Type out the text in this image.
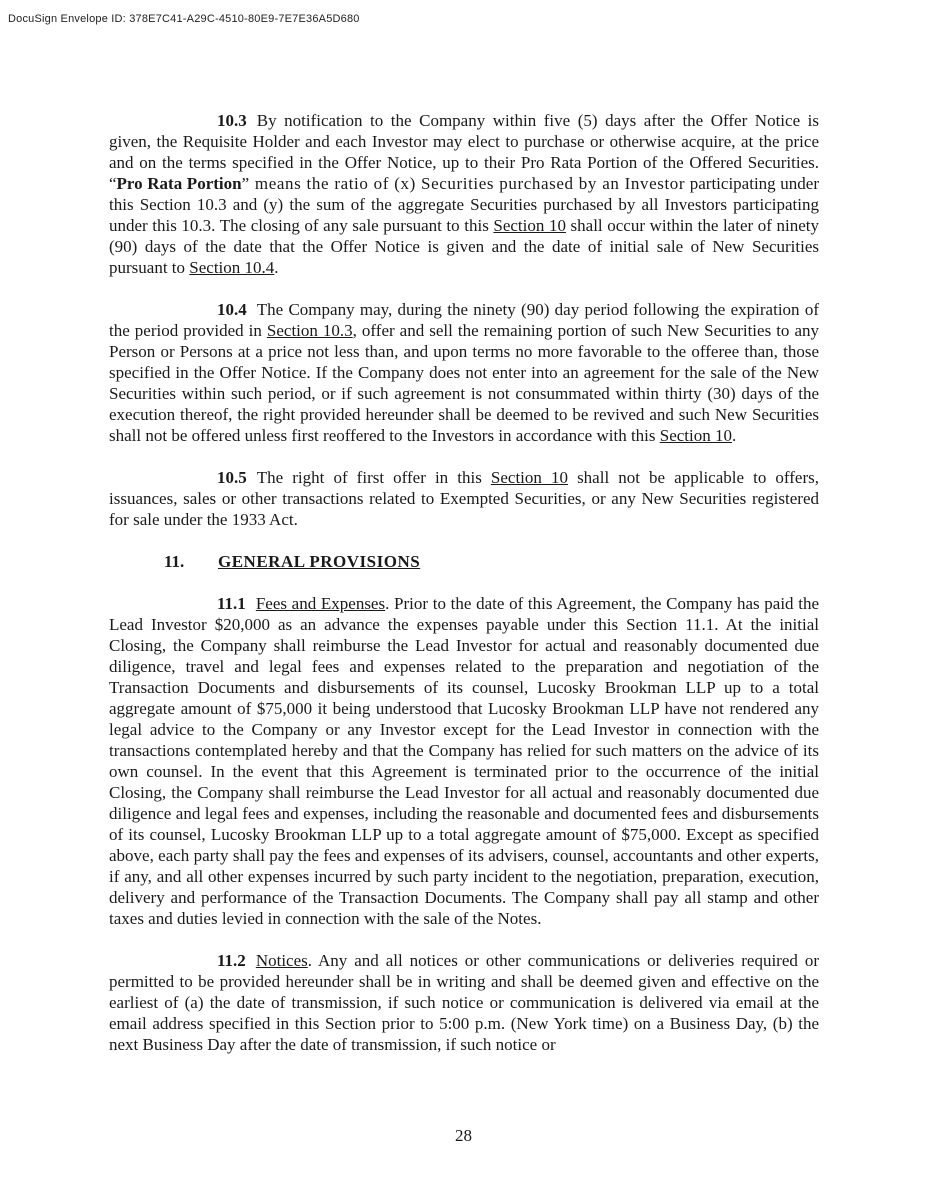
DocuSign Envelope ID: 378E7C41-A29C-4510-80E9-7E7E36A5D680

10.3 By notification to the Company within five (5) days after the Offer Notice is given, the Requisite Holder and each Investor may elect to purchase or otherwise acquire, at the price and on the terms specified in the Offer Notice, up to their Pro Rata Portion of the Offered Securities. “Pro Rata Portion” means the ratio of (x) Securities purchased by an Investor participating under this Section 10.3 and (y) the sum of the aggregate Securities purchased by all Investors participating under this 10.3. The closing of any sale pursuant to this Section 10 shall occur within the later of ninety (90) days of the date that the Offer Notice is given and the date of initial sale of New Securities pursuant to Section 10.4.

10.4 The Company may, during the ninety (90) day period following the expiration of the period provided in Section 10.3, offer and sell the remaining portion of such New Securities to any Person or Persons at a price not less than, and upon terms no more favorable to the offeree than, those specified in the Offer Notice. If the Company does not enter into an agreement for the sale of the New Securities within such period, or if such agreement is not consummated within thirty (30) days of the execution thereof, the right provided hereunder shall be deemed to be revived and such New Securities shall not be offered unless first reoffered to the Investors in accordance with this Section 10.

10.5 The right of first offer in this Section 10 shall not be applicable to offers, issuances, sales or other transactions related to Exempted Securities, or any New Securities registered for sale under the 1933 Act.

11. GENERAL PROVISIONS

11.1 Fees and Expenses. Prior to the date of this Agreement, the Company has paid the Lead Investor $20,000 as an advance the expenses payable under this Section 11.1. At the initial Closing, the Company shall reimburse the Lead Investor for actual and reasonably documented due diligence, travel and legal fees and expenses related to the preparation and negotiation of the Transaction Documents and disbursements of its counsel, Lucosky Brookman LLP up to a total aggregate amount of $75,000 it being understood that Lucosky Brookman LLP have not rendered any legal advice to the Company or any Investor except for the Lead Investor in connection with the transactions contemplated hereby and that the Company has relied for such matters on the advice of its own counsel. In the event that this Agreement is terminated prior to the occurrence of the initial Closing, the Company shall reimburse the Lead Investor for all actual and reasonably documented due diligence and legal fees and expenses, including the reasonable and documented fees and disbursements of its counsel, Lucosky Brookman LLP up to a total aggregate amount of $75,000. Except as specified above, each party shall pay the fees and expenses of its advisers, counsel, accountants and other experts, if any, and all other expenses incurred by such party incident to the negotiation, preparation, execution, delivery and performance of the Transaction Documents. The Company shall pay all stamp and other taxes and duties levied in connection with the sale of the Notes.

11.2 Notices. Any and all notices or other communications or deliveries required or permitted to be provided hereunder shall be in writing and shall be deemed given and effective on the earliest of (a) the date of transmission, if such notice or communication is delivered via email at the email address specified in this Section prior to 5:00 p.m. (New York time) on a Business Day, (b) the next Business Day after the date of transmission, if such notice or

28
